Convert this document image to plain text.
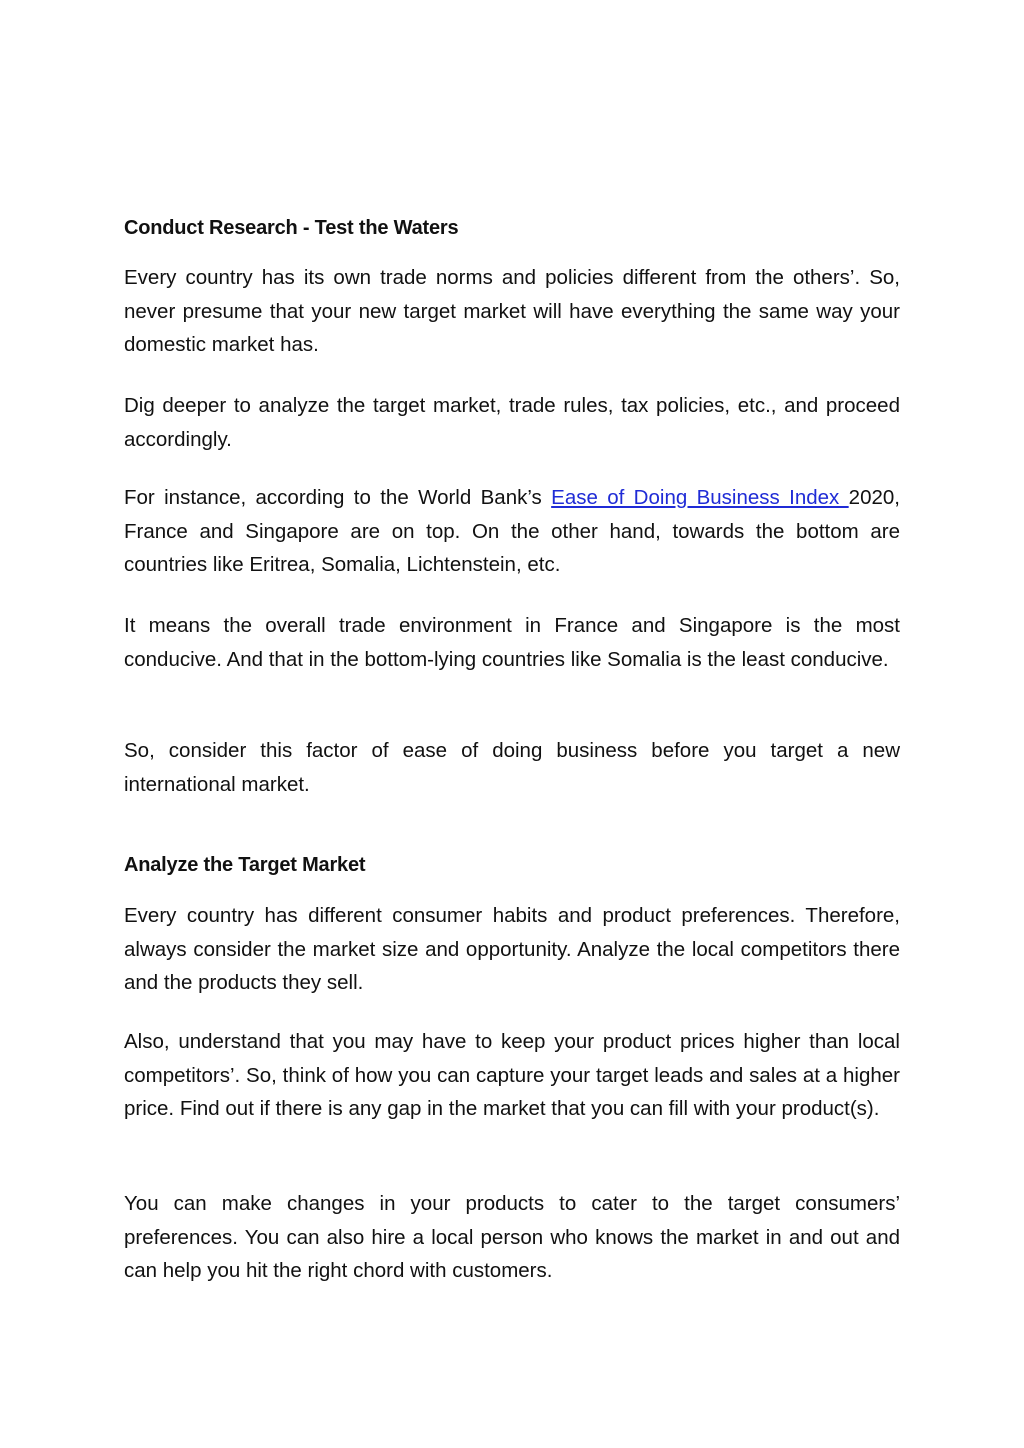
Conduct Research - Test the Waters

Every country has its own trade norms and policies different from the others’. So, never presume that your new target market will have everything the same way your domestic market has.

Dig deeper to analyze the target market, trade rules, tax policies, etc., and proceed accordingly.

For instance, according to the World Bank’s Ease of Doing Business Index 2020, France and Singapore are on top. On the other hand, towards the bottom are countries like Eritrea, Somalia, Lichtenstein, etc.

It means the overall trade environment in France and Singapore is the most conducive. And that in the bottom-lying countries like Somalia is the least conducive.

So, consider this factor of ease of doing business before you target a new international market.

Analyze the Target Market

Every country has different consumer habits and product preferences. Therefore, always consider the market size and opportunity. Analyze the local competitors there and the products they sell.

Also, understand that you may have to keep your product prices higher than local competitors’. So, think of how you can capture your target leads and sales at a higher price. Find out if there is any gap in the market that you can fill with your product(s).

You can make changes in your products to cater to the target consumers’ preferences. You can also hire a local person who knows the market in and out and can help you hit the right chord with customers.
